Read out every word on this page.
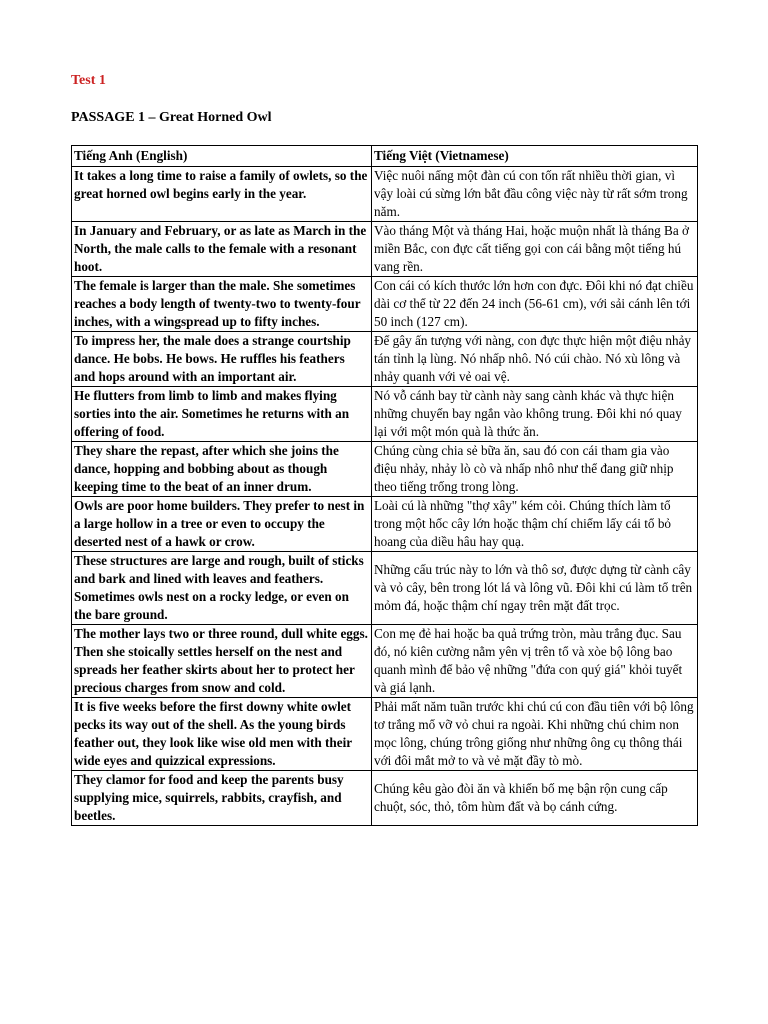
Test 1
PASSAGE 1 – Great Horned Owl
Tiếng Anh (English)	Tiếng Việt (Vietnamese)
It takes a long time to raise a family of owlets, so the great horned owl begins early in the year.	Việc nuôi nấng một đàn cú con tốn rất nhiều thời gian, vì vậy loài cú sừng lớn bắt đầu công việc này từ rất sớm trong năm.
In January and February, or as late as March in the North, the male calls to the female with a resonant hoot.	Vào tháng Một và tháng Hai, hoặc muộn nhất là tháng Ba ở miền Bắc, con đực cất tiếng gọi con cái bằng một tiếng hú vang rền.
The female is larger than the male. She sometimes reaches a body length of twenty-two to twenty-four inches, with a wingspread up to fifty inches.	Con cái có kích thước lớn hơn con đực. Đôi khi nó đạt chiều dài cơ thể từ 22 đến 24 inch (56-61 cm), với sải cánh lên tới 50 inch (127 cm).
To impress her, the male does a strange courtship dance. He bobs. He bows. He ruffles his feathers and hops around with an important air.	Để gây ấn tượng với nàng, con đực thực hiện một điệu nhảy tán tỉnh lạ lùng. Nó nhấp nhô. Nó cúi chào. Nó xù lông và nhảy quanh với vẻ oai vệ.
He flutters from limb to limb and makes flying sorties into the air. Sometimes he returns with an offering of food.	Nó vỗ cánh bay từ cành này sang cành khác và thực hiện những chuyến bay ngắn vào không trung. Đôi khi nó quay lại với một món quà là thức ăn.
They share the repast, after which she joins the dance, hopping and bobbing about as though keeping time to the beat of an inner drum.	Chúng cùng chia sẻ bữa ăn, sau đó con cái tham gia vào điệu nhảy, nhảy lò cò và nhấp nhô như thể đang giữ nhịp theo tiếng trống trong lòng.
Owls are poor home builders. They prefer to nest in a large hollow in a tree or even to occupy the deserted nest of a hawk or crow.	Loài cú là những "thợ xây" kém cỏi. Chúng thích làm tổ trong một hốc cây lớn hoặc thậm chí chiếm lấy cái tổ bỏ hoang của diều hâu hay quạ.
These structures are large and rough, built of sticks and bark and lined with leaves and feathers. Sometimes owls nest on a rocky ledge, or even on the bare ground.	Những cấu trúc này to lớn và thô sơ, được dựng từ cành cây và vỏ cây, bên trong lót lá và lông vũ. Đôi khi cú làm tổ trên mỏm đá, hoặc thậm chí ngay trên mặt đất trọc.
The mother lays two or three round, dull white eggs. Then she stoically settles herself on the nest and spreads her feather skirts about her to protect her precious charges from snow and cold.	Con mẹ đẻ hai hoặc ba quả trứng tròn, màu trắng đục. Sau đó, nó kiên cường nằm yên vị trên tổ và xòe bộ lông bao quanh mình để bảo vệ những "đứa con quý giá" khỏi tuyết và giá lạnh.
It is five weeks before the first downy white owlet pecks its way out of the shell. As the young birds feather out, they look like wise old men with their wide eyes and quizzical expressions.	Phải mất năm tuần trước khi chú cú con đầu tiên với bộ lông tơ trắng mổ vỡ vỏ chui ra ngoài. Khi những chú chim non mọc lông, chúng trông giống như những ông cụ thông thái với đôi mắt mở to và vẻ mặt đầy tò mò.
They clamor for food and keep the parents busy supplying mice, squirrels, rabbits, crayfish, and beetles.	Chúng kêu gào đòi ăn và khiến bố mẹ bận rộn cung cấp chuột, sóc, thỏ, tôm hùm đất và bọ cánh cứng.
